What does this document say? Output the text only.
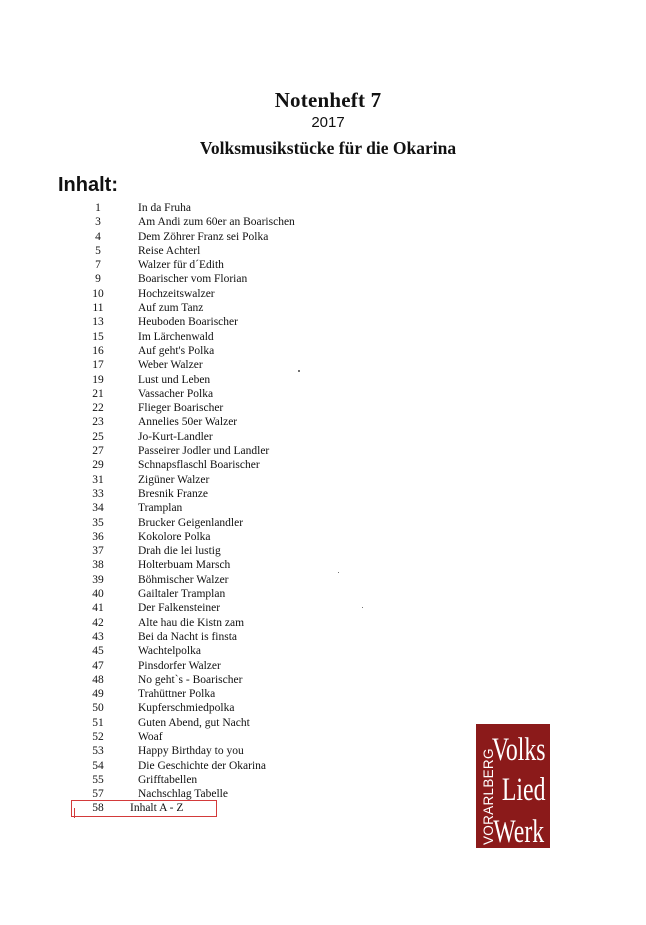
Notenheft 7
2017
Volksmusikstücke für die Okarina
Inhalt:
1	In da Fruha
3	Am Andi zum 60er an Boarischen
4	Dem Zöhrer Franz sei Polka
5	Reise Achterl
7	Walzer für d´Edith
9	Boarischer vom Florian
10	Hochzeitswalzer
11	Auf zum Tanz
13	Heuboden Boarischer
15	Im Lärchenwald
16	Auf geht's Polka
17	Weber Walzer
19	Lust und Leben
21	Vassacher Polka
22	Flieger Boarischer
23	Annelies 50er Walzer
25	Jo-Kurt-Landler
27	Passeirer Jodler und Landler
29	Schnapsflaschl Boarischer
31	Zigüner Walzer
33	Bresnik Franze
34	Tramplan
35	Brucker Geigenlandler
36	Kokolore Polka
37	Drah die lei lustig
38	Holterbuam Marsch
39	Böhmischer Walzer
40	Gailtaler Tramplan
41	Der Falkensteiner
42	Alte hau die Kistn zam
43	Bei da Nacht is finsta
45	Wachtelpolka
47	Pinsdorfer Walzer
48	No geht`s - Boarischer
49	Trahüttner Polka
50	Kupferschmiedpolka
51	Guten Abend, gut Nacht
52	Woaf
53	Happy Birthday to you
54	Die Geschichte der Okarina
55	Grifftabellen
57	Nachschlag Tabelle
58	Inhalt A - Z	VORARLBERG
Volks
Lied
Werk
